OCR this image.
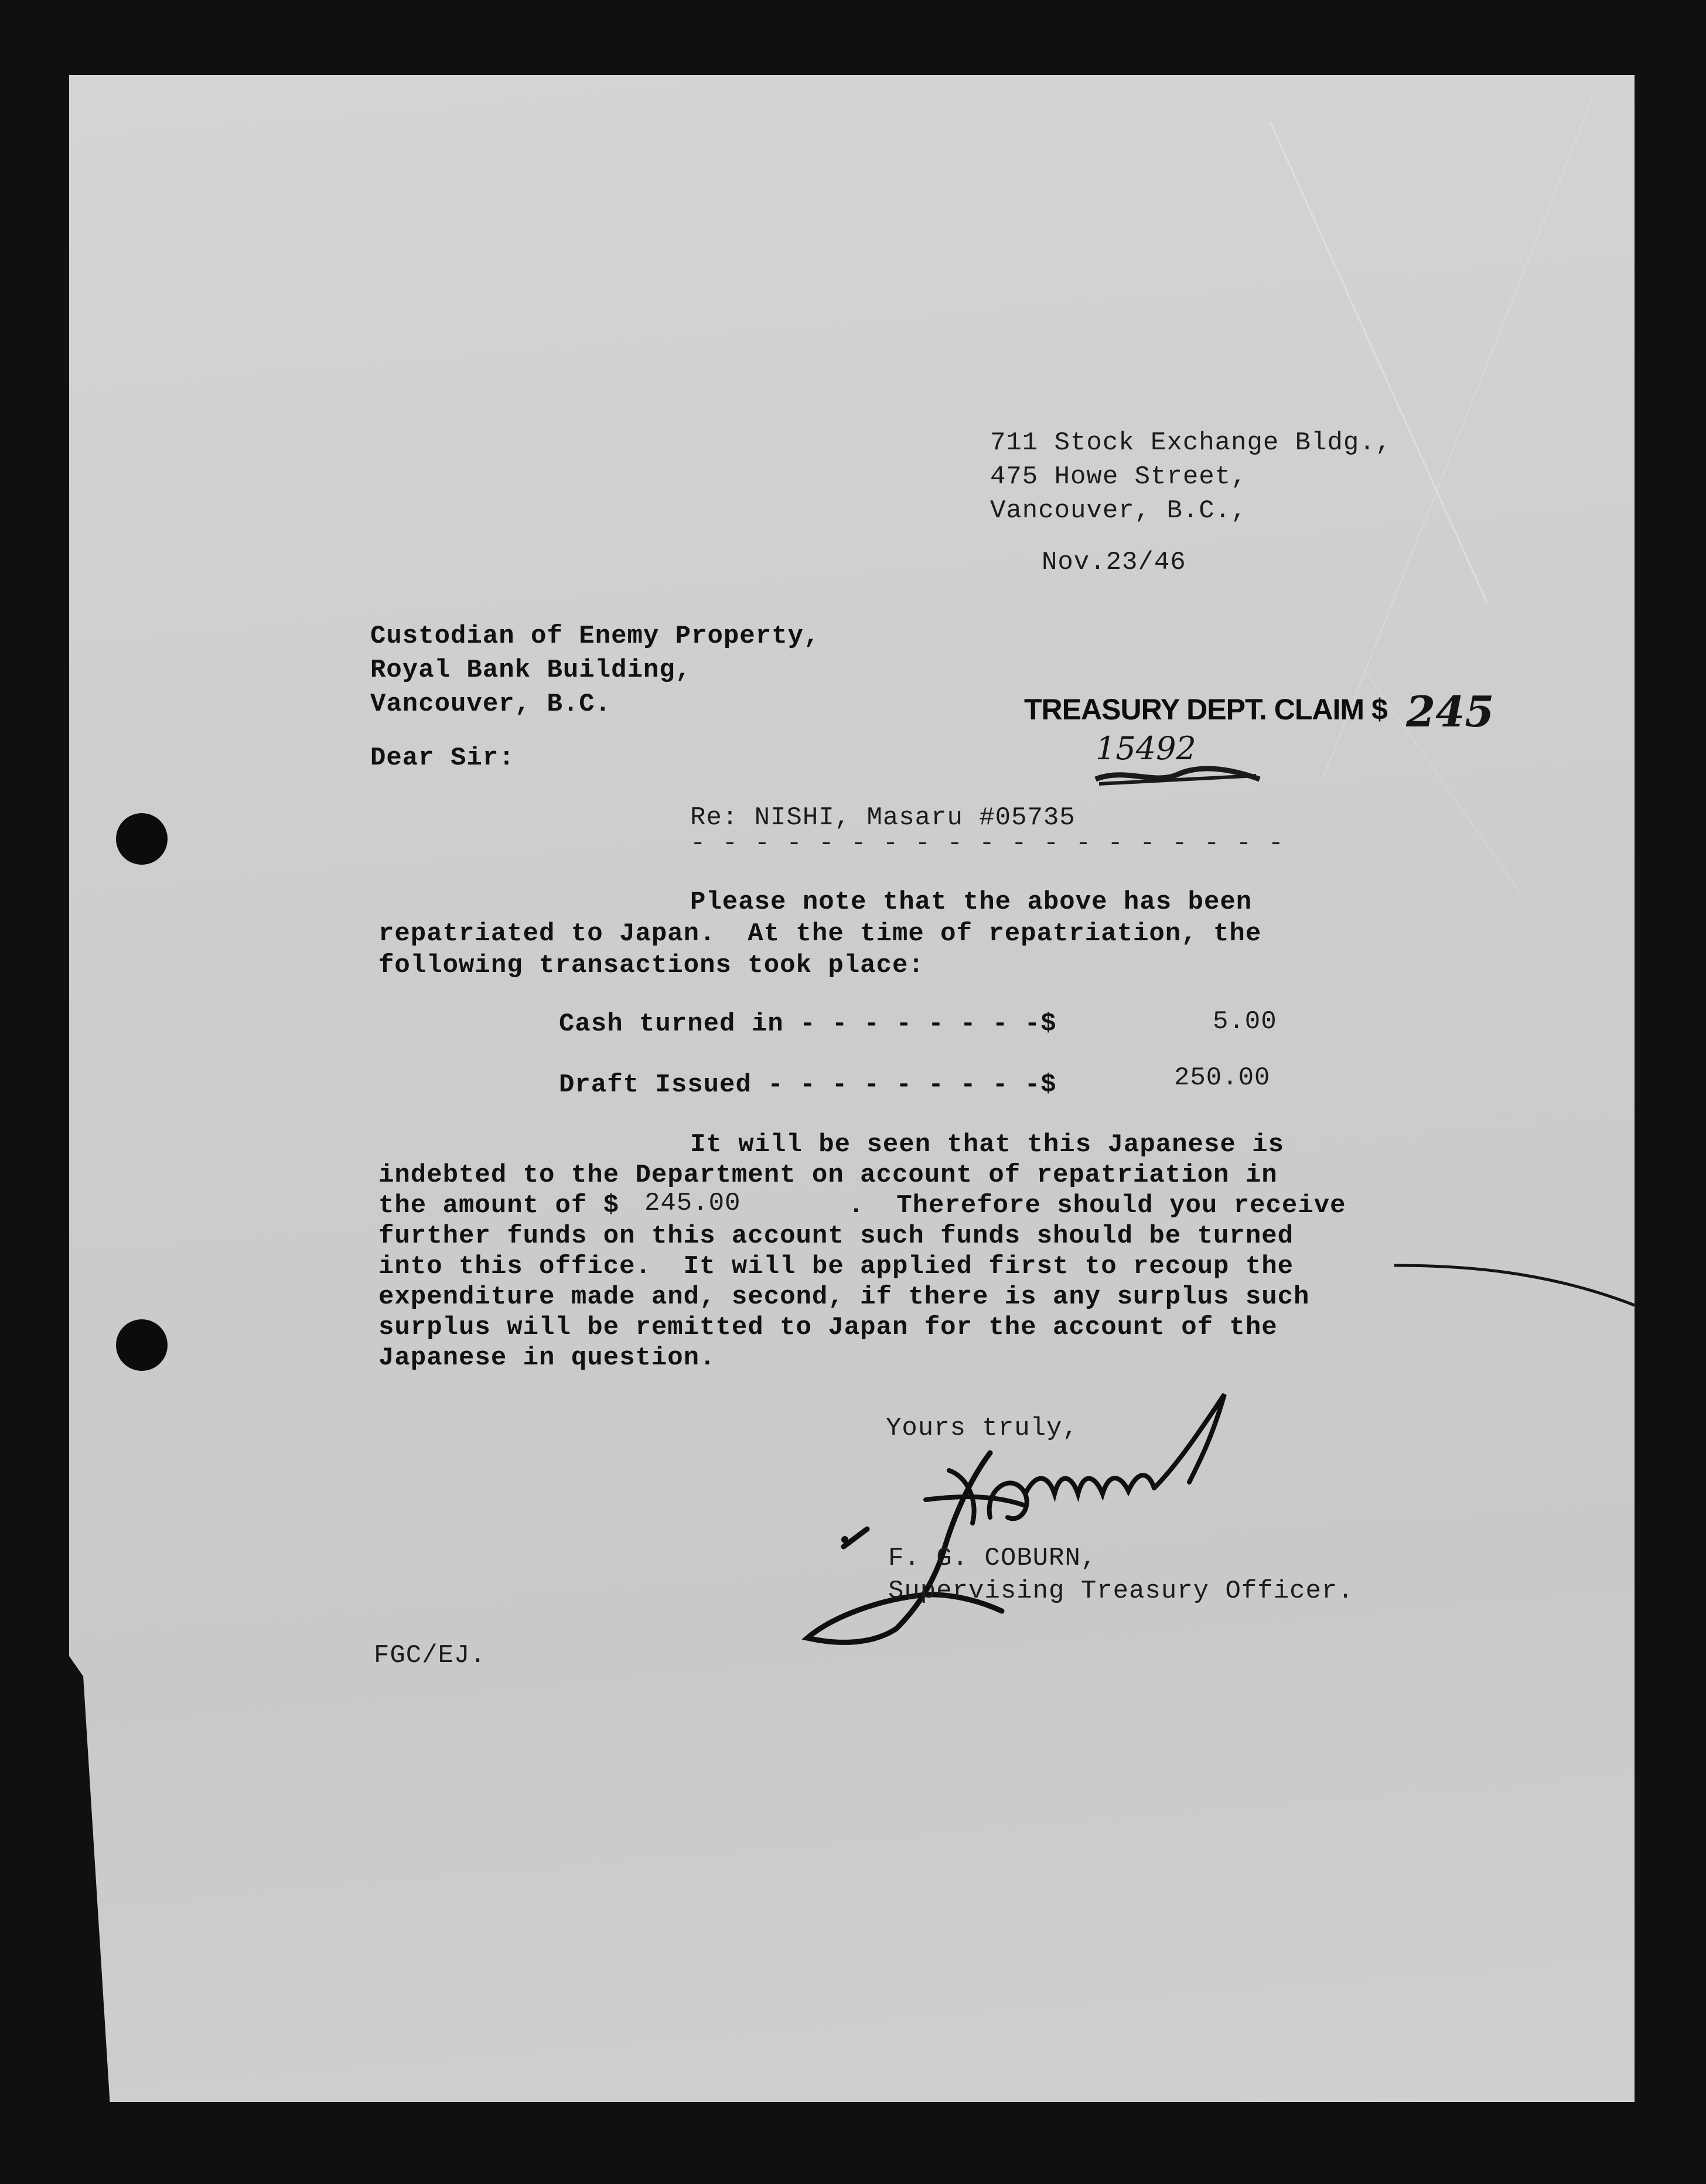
711 Stock Exchange Bldg.,
475 Howe Street,
Vancouver, B.C.,
Nov.23/46
Custodian of Enemy Property,
Royal Bank Building,
Vancouver, B.C.	TREASURY DEPT. CLAIM $ 245
15492
Dear Sir:
Re: NISHI, Masaru #05735
- - - - - - - - - - - - - - - - - - -
Please note that the above has been
repatriated to Japan.  At the time of repatriation, the
following transactions took place:
Cash turned in - - - - - - - -$	5.00
Draft Issued - - - - - - - - -$	250.00
It will be seen that this Japanese is
indebted to the Department on account of repatriation in
the amount of $ 245.00	.  Therefore should you receive
further funds on this account such funds should be turned
into this office.  It will be applied first to recoup the
expenditure made and, second, if there is any surplus such
surplus will be remitted to Japan for the account of the
Japanese in question.
Yours truly,
F. G. COBURN,
Supervising Treasury Officer.
FGC/EJ.
